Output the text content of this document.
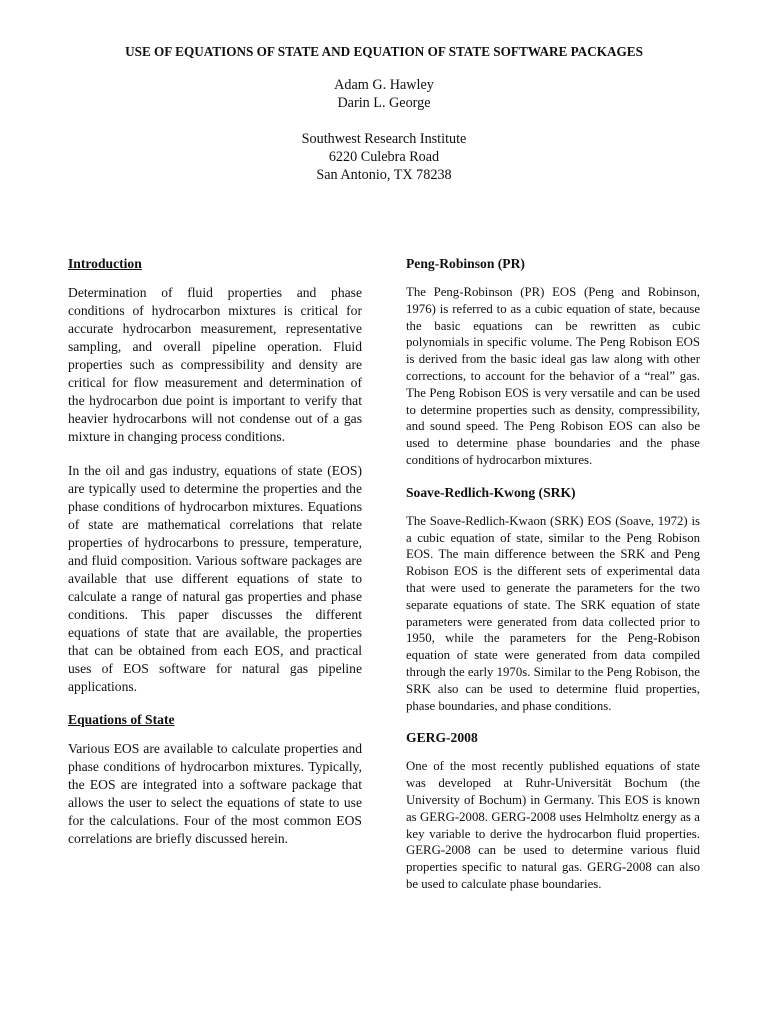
USE OF EQUATIONS OF STATE AND EQUATION OF STATE SOFTWARE PACKAGES
Adam G. Hawley
Darin L. George
Southwest Research Institute
6220 Culebra Road
San Antonio, TX 78238

Introduction

Determination of fluid properties and phase conditions of hydrocarbon mixtures is critical for accurate hydrocarbon measurement, representative sampling, and overall pipeline operation. Fluid properties such as compressibility and density are critical for flow measurement and determination of the hydrocarbon due point is important to verify that heavier hydrocarbons will not condense out of a gas mixture in changing process conditions.

In the oil and gas industry, equations of state (EOS) are typically used to determine the properties and the phase conditions of hydrocarbon mixtures. Equations of state are mathematical correlations that relate properties of hydrocarbons to pressure, temperature, and fluid composition. Various software packages are available that use different equations of state to calculate a range of natural gas properties and phase conditions. This paper discusses the different equations of state that are available, the properties that can be obtained from each EOS, and practical uses of EOS software for natural gas pipeline applications.

Equations of State

Various EOS are available to calculate properties and phase conditions of hydrocarbon mixtures. Typically, the EOS are integrated into a software package that allows the user to select the equations of state to use for the calculations. Four of the most common EOS correlations are briefly discussed herein.

Peng-Robinson (PR)

The Peng-Robinson (PR) EOS (Peng and Robinson, 1976) is referred to as a cubic equation of state, because the basic equations can be rewritten as cubic polynomials in specific volume. The Peng Robison EOS is derived from the basic ideal gas law along with other corrections, to account for the behavior of a “real” gas. The Peng Robison EOS is very versatile and can be used to determine properties such as density, compressibility, and sound speed. The Peng Robison EOS can also be used to determine phase boundaries and the phase conditions of hydrocarbon mixtures.

Soave-Redlich-Kwong (SRK)

The Soave-Redlich-Kwaon (SRK) EOS (Soave, 1972) is a cubic equation of state, similar to the Peng Robison EOS. The main difference between the SRK and Peng Robison EOS is the different sets of experimental data that were used to generate the parameters for the two separate equations of state. The SRK equation of state parameters were generated from data collected prior to 1950, while the parameters for the Peng-Robison equation of state were generated from data compiled through the early 1970s. Similar to the Peng Robison, the SRK also can be used to determine fluid properties, phase boundaries, and phase conditions.

GERG-2008

One of the most recently published equations of state was developed at Ruhr-Universität Bochum (the University of Bochum) in Germany. This EOS is known as GERG-2008. GERG-2008 uses Helmholtz energy as a key variable to derive the hydrocarbon fluid properties. GERG-2008 can be used to determine various fluid properties specific to natural gas. GERG-2008 can also be used to calculate phase boundaries.
